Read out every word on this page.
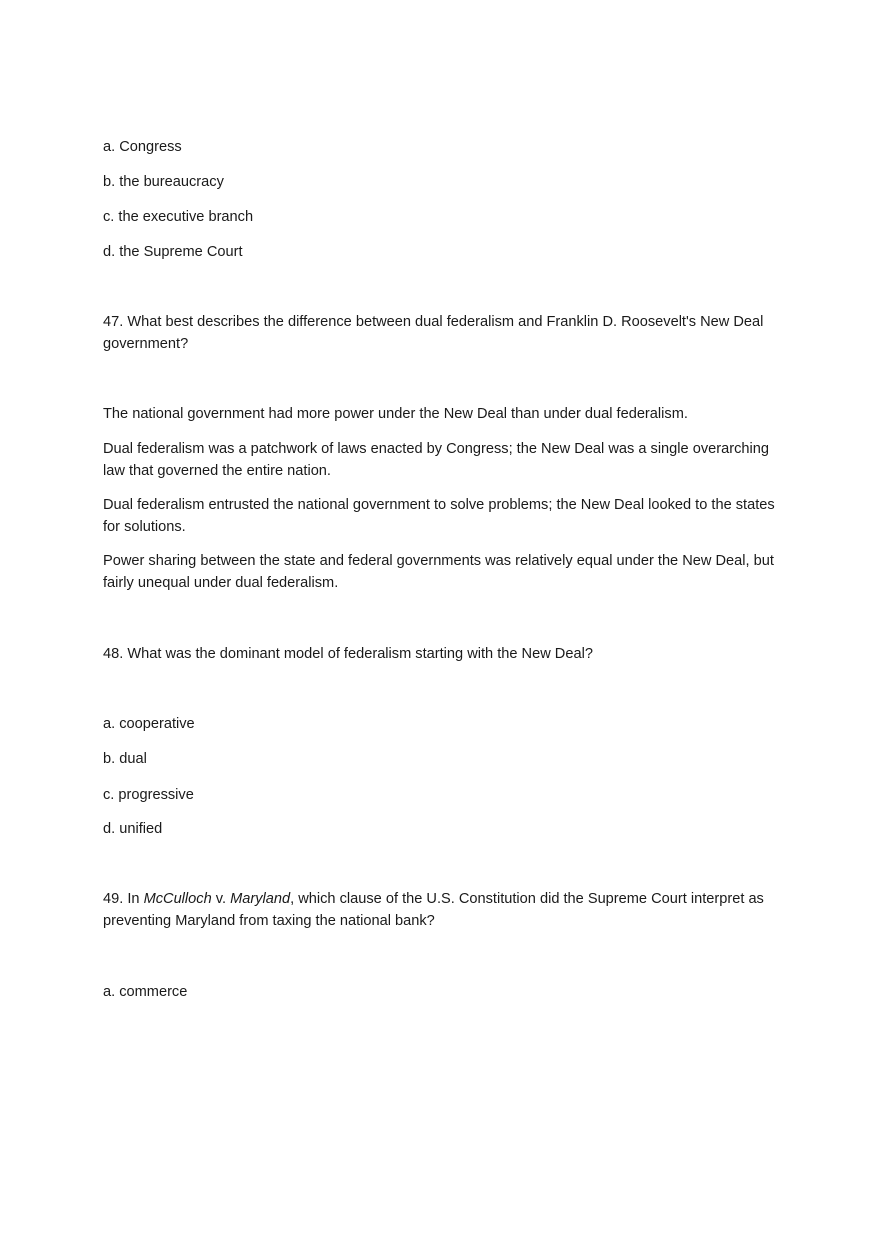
a. Congress

b. the bureaucracy

c. the executive branch

d. the Supreme Court

47. What best describes the difference between dual federalism and Franklin D. Roosevelt's New Deal government?

The national government had more power under the New Deal than under dual federalism.

Dual federalism was a patchwork of laws enacted by Congress; the New Deal was a single overarching law that governed the entire nation.

Dual federalism entrusted the national government to solve problems; the New Deal looked to the states for solutions.

Power sharing between the state and federal governments was relatively equal under the New Deal, but fairly unequal under dual federalism.

48. What was the dominant model of federalism starting with the New Deal?

a. cooperative

b. dual

c. progressive

d. unified

49. In McCulloch v. Maryland, which clause of the U.S. Constitution did the Supreme Court interpret as preventing Maryland from taxing the national bank?

a. commerce
